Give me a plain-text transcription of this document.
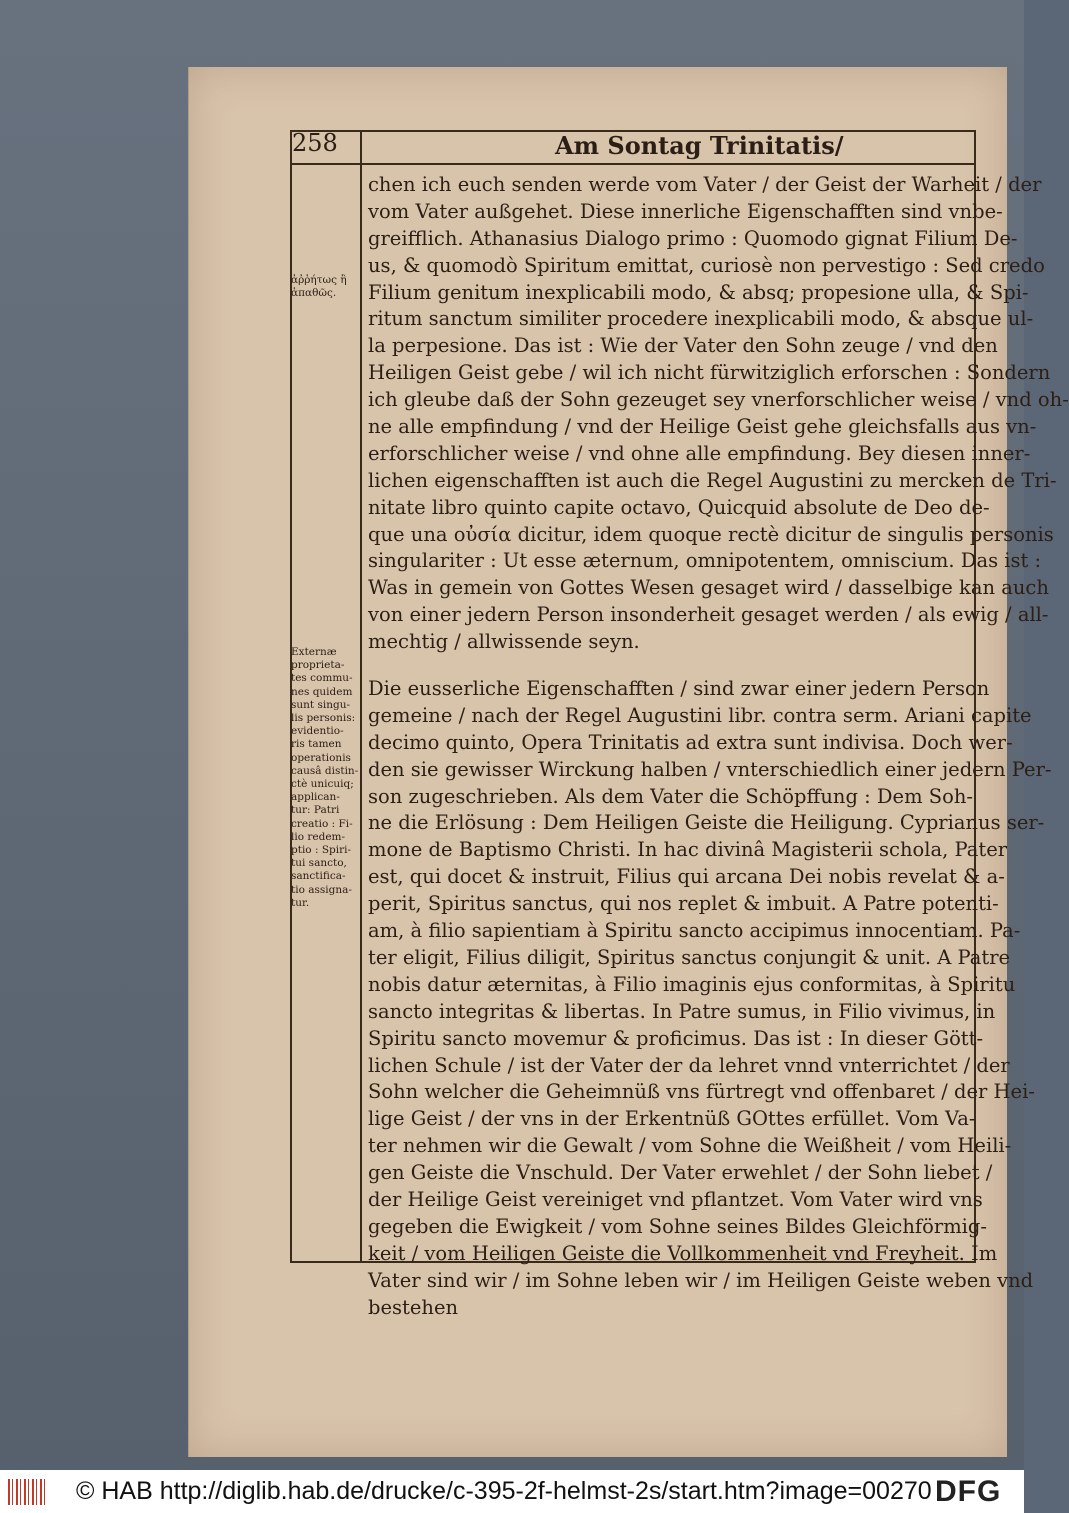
258	Am Sontag Trinitatis/
ἀῤῥήτως ἢ
ἀπαθῶς.
Externæ
proprieta-
tes commu-
nes quidem
sunt singu-
lis personis:
evidentio-
ris tamen
operationis
causâ distin-
ctè unicuiq;
applican-
tur: Patri
creatio : Fi-
lio redem-
ptio : Spiri-
tui sancto,
sanctifica-
tio assigna-
tur.
chen ich euch senden werde vom Vater / der Geist der Warheit / der
vom Vater außgehet. Diese innerliche Eigenschafften sind vnbe-
greifflich. Athanasius Dialogo primo : Quomodo gignat Filium De-
us, & quomodò Spiritum emittat, curiosè non pervestigo : Sed credo
Filium genitum inexplicabili modo, & absq; propesione ulla, & Spi-
ritum sanctum similiter procedere inexplicabili modo, & absque ul-
la perpesione. Das ist : Wie der Vater den Sohn zeuge / vnd den
Heiligen Geist gebe / wil ich nicht fürwitziglich erforschen : Sondern
ich gleube daß der Sohn gezeuget sey vnerforschlicher weise / vnd oh-
ne alle empfindung / vnd der Heilige Geist gehe gleichsfalls aus vn-
erforschlicher weise / vnd ohne alle empfindung. Bey diesen inner-
lichen eigenschafften ist auch die Regel Augustini zu mercken de Tri-
nitate libro quinto capite octavo, Quicquid absolute de Deo de-
que una οὐσία dicitur, idem quoque rectè dicitur de singulis personis
singulariter : Ut esse æternum, omnipotentem, omniscium. Das ist :
Was in gemein von Gottes Wesen gesaget wird / dasselbige kan auch
von einer jedern Person insonderheit gesaget werden / als ewig / all-
mechtig / allwissende seyn.
Die eusserliche Eigenschafften / sind zwar einer jedern Person
gemeine / nach der Regel Augustini libr. contra serm. Ariani capite
decimo quinto, Opera Trinitatis ad extra sunt indivisa. Doch wer-
den sie gewisser Wirckung halben / vnterschiedlich einer jedern Per-
son zugeschrieben. Als dem Vater die Schöpffung : Dem Soh-
ne die Erlösung : Dem Heiligen Geiste die Heiligung. Cyprianus ser-
mone de Baptismo Christi. In hac divinâ Magisterii schola, Pater
est, qui docet & instruit, Filius qui arcana Dei nobis revelat & a-
perit, Spiritus sanctus, qui nos replet & imbuit. A Patre potenti-
am, à filio sapientiam à Spiritu sancto accipimus innocentiam. Pa-
ter eligit, Filius diligit, Spiritus sanctus conjungit & unit. A Patre
nobis datur æternitas, à Filio imaginis ejus conformitas, à Spiritu
sancto integritas & libertas. In Patre sumus, in Filio vivimus, in
Spiritu sancto movemur & proficimus. Das ist : In dieser Gött-
lichen Schule / ist der Vater der da lehret vnnd vnterrichtet / der
Sohn welcher die Geheimnüß vns fürtregt vnd offenbaret / der Hei-
lige Geist / der vns in der Erkentnüß GOttes erfüllet. Vom Va-
ter nehmen wir die Gewalt / vom Sohne die Weißheit / vom Heili-
gen Geiste die Vnschuld. Der Vater erwehlet / der Sohn liebet /
der Heilige Geist vereiniget vnd pflantzet. Vom Vater wird vns
gegeben die Ewigkeit / vom Sohne seines Bildes Gleichförmig-
keit / vom Heiligen Geiste die Vollkommenheit vnd Freyheit. Im
Vater sind wir / im Sohne leben wir / im Heiligen Geiste weben vnd
bestehen
© HAB http://diglib.hab.de/drucke/c-395-2f-helmst-2s/start.htm?image=00270 DFG
